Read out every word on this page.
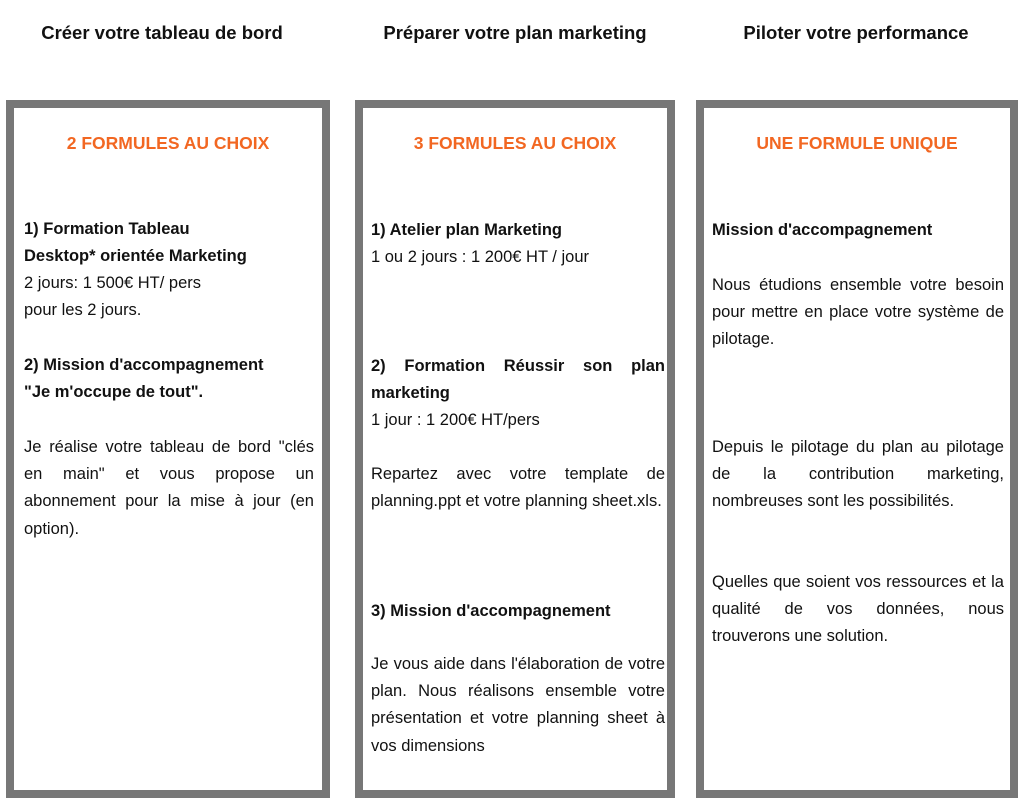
Créer votre tableau de bord	Préparer votre plan marketing	Piloter votre performance
2 FORMULES AU CHOIX
1) Formation Tableau
Desktop* orientée Marketing
2 jours: 1 500€ HT/ pers
pour les 2 jours.
2) Mission d'accompagnement
"Je m'occupe de tout".
Je réalise votre tableau de bord "clés en main" et vous propose un abonnement pour la mise à jour (en option).
3 FORMULES AU CHOIX
1) Atelier plan Marketing
1 ou 2 jours : 1 200€ HT / jour
2) Formation Réussir son plan marketing
1 jour : 1 200€ HT/pers
Repartez avec votre template de planning.ppt et votre planning sheet.xls.
3) Mission d'accompagnement
Je vous aide dans l'élaboration de votre plan. Nous réalisons ensemble votre présentation et votre planning sheet à vos dimensions
UNE FORMULE UNIQUE
Mission d'accompagnement
Nous étudions ensemble votre besoin pour mettre en place votre système de pilotage.
Depuis le pilotage du plan au pilotage de la contribution marketing, nombreuses sont les possibilités.
Quelles que soient vos ressources et la qualité de vos données, nous trouverons une solution.
